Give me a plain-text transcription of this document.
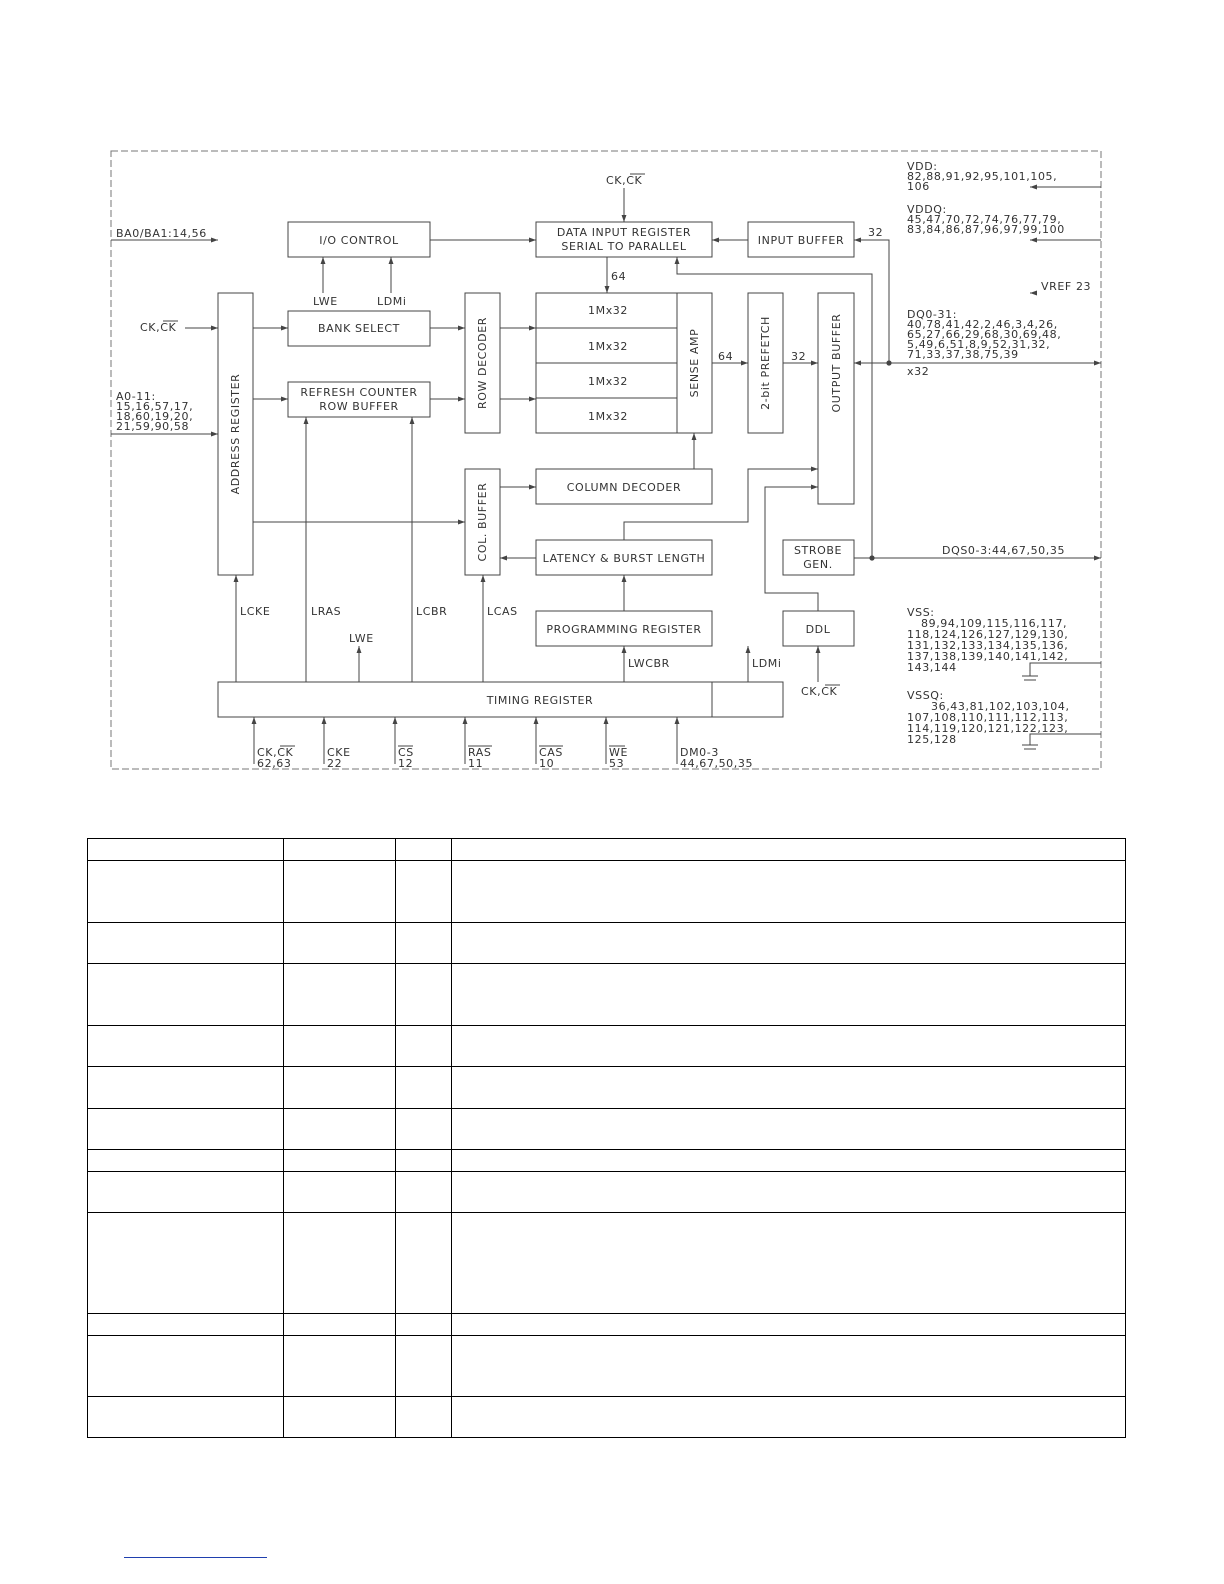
I/O CONTROL
DATA INPUT REGISTER
SERIAL TO PARALLEL	INPUT BUFFER
BANK SELECT
REFRESH COUNTER
ROW BUFFER
ADDRESS REGISTER
ROW DECODER
1Mx32
1Mx32
1Mx32
1Mx32
SENSE AMP	2-bit PREFETCH	OUTPUT BUFFER
COLUMN DECODER
COL. BUFFER	LATENCY & BURST LENGTH
STROBE
GEN.
PROGRAMMING REGISTER	DDL
TIMING REGISTER
CK,CK
64
32
LWE	LDMi
64	32
LCKE	LRAS	LCBR	LCAS
LWE
LWCBR	LDMi
CK,CK
BA0/BA1:14,56
CK,CK
A0-11:
15,16,57,17,
18,60,19,20,
21,59,90,58
VDD:
82,88,91,92,95,101,105,
106
VDDQ:
45,47,70,72,74,76,77,79,
83,84,86,87,96,97,99,100
VREF 23
DQ0-31:
40,78,41,42,2,46,3,4,26,
65,27,66,29,68,30,69,48,
5,49,6,51,8,9,52,31,32,
71,33,37,38,75,39
x32
DQS0-3:44,67,50,35
VSS:
89,94,109,115,116,117,
118,124,126,127,129,130,
131,132,133,134,135,136,
137,138,139,140,141,142,
143,144
VSSQ:
36,43,81,102,103,104,
107,108,110,111,112,113,
114,119,120,121,122,123,
125,128
CK,CK
62,63
CKE
22
CS
12
RAS
11
CAS
10
WE
53
DM0-3
44,67,50,35
